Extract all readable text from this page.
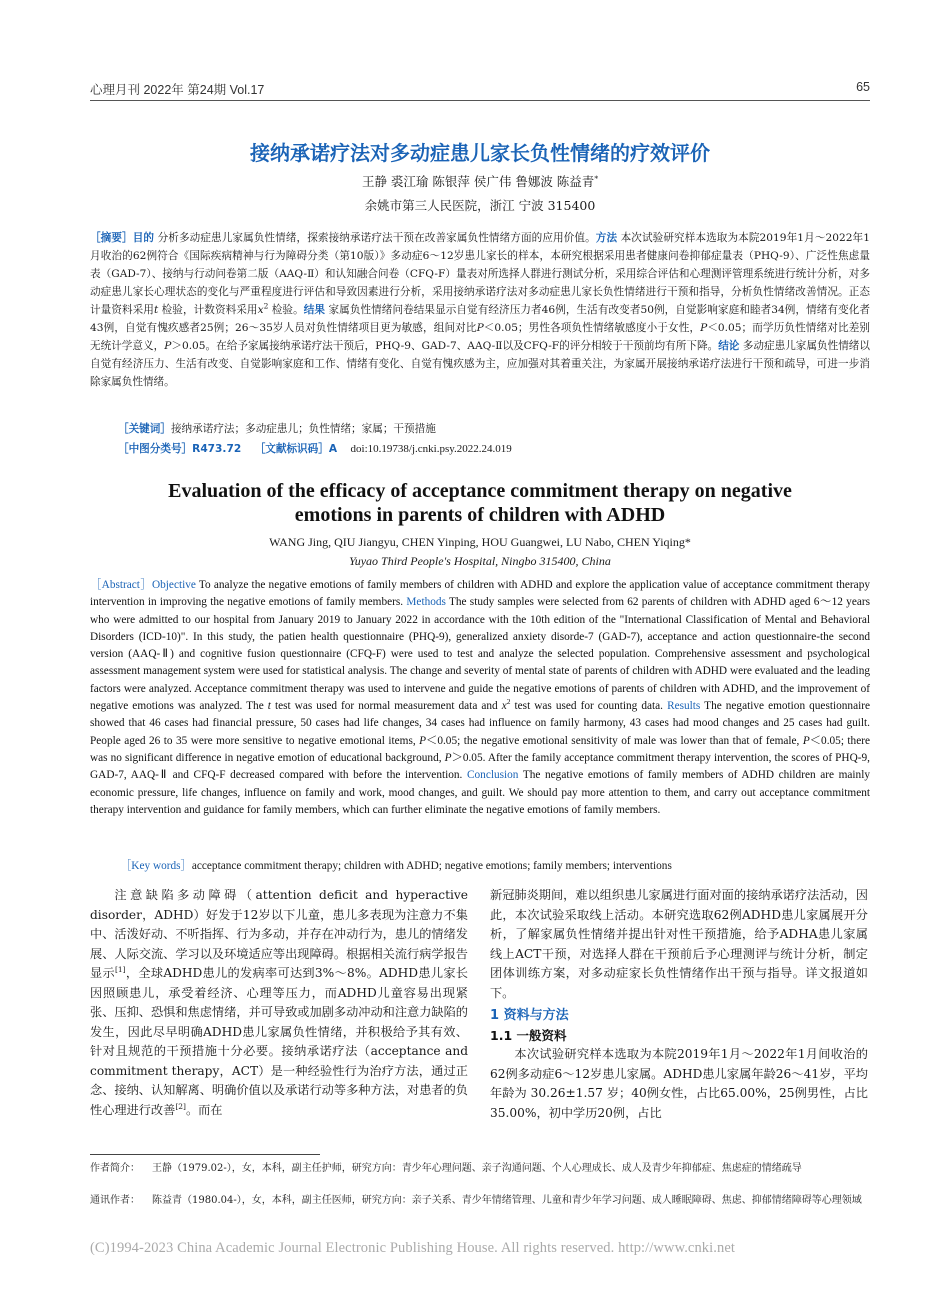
心理月刊 2022年 第24期 Vol.17	65
接纳承诺疗法对多动症患儿家长负性情绪的疗效评价
王静 裘江瑜 陈银萍 侯广伟 鲁娜波 陈益青*
余姚市第三人民医院，浙江 宁波 315400
［摘要］目的 分析多动症患儿家属负性情绪，探索接纳承诺疗法干预在改善家属负性情绪方面的应用价值。方法 本次试验研究样本选取为本院2019年1月～2022年1月收治的62例符合《国际疾病精神与行为障碍分类（第10版）》多动症6～12岁患儿家长的样本，本研究根据采用患者健康问卷抑郁症量表（PHQ-9）、广泛性焦虑量表（GAD-7）、接纳与行动问卷第二版（AAQ-Ⅱ）和认知融合问卷（CFQ-F）量表对所选择人群进行测试分析，采用综合评估和心理测评管理系统进行统计分析，对多动症患儿家长心理状态的变化与严重程度进行评估和导致因素进行分析，采用接纳承诺疗法对多动症患儿家长负性情绪进行干预和指导，分析负性情绪改善情况。正态计量资料采用t 检验，计数资料采用$x^2$ 检验。结果 家属负性情绪问卷结果显示自觉有经济压力者46例，生活有改变者50例，自觉影响家庭和睦者34例，情绪有变化者43例，自觉有愧疚感者25例；26～35岁人员对负性情绪项目更为敏感，组间对比P＜0.05；男性各项负性情绪敏感度小于女性，P＜0.05；而学历负性情绪对比差别无统计学意义，P＞0.05。在给予家属接纳承诺疗法干预后，PHQ-9、GAD-7、AAQ-Ⅱ以及CFQ-F的评分相较于干预前均有所下降。结论 多动症患儿家属负性情绪以自觉有经济压力、生活有改变、自觉影响家庭和工作、情绪有变化、自觉有愧疚感为主，应加强对其着重关注，为家属开展接纳承诺疗法进行干预和疏导，可进一步消除家属负性情绪。
［关键词］接纳承诺疗法；多动症患儿；负性情绪；家属；干预措施
［中图分类号］R473.72 ［文献标识码］A doi:10.19738/j.cnki.psy.2022.24.019
Evaluation of the efficacy of acceptance commitment therapy on negative
emotions in parents of children with ADHD
WANG Jing, QIU Jiangyu, CHEN Yinping, HOU Guangwei, LU Nabo, CHEN Yiqing*
Yuyao Third People's Hospital, Ningbo 315400, China
［Abstract］Objective To analyze the negative emotions of family members of children with ADHD and explore the application value of acceptance commitment therapy intervention in improving the negative emotions of family members. Methods The study samples were selected from 62 parents of children with ADHD aged 6～12 years who were admitted to our hospital from January 2019 to January 2022 in accordance with the 10th edition of the "International Classification of Mental and Behavioral Disorders (ICD-10)". In this study, the patien health questionnaire (PHQ-9), generalized anxiety disorde-7 (GAD-7), acceptance and action questionnaire-the second version (AAQ-Ⅱ) and cognitive fusion questionnaire (CFQ-F) were used to test and analyze the selected population. Comprehensive assessment and psychological assessment management system were used for statistical analysis. The change and severity of mental state of parents of children with ADHD were evaluated and the leading factors were analyzed. Acceptance commitment therapy was used to intervene and guide the negative emotions of parents of children with ADHD, and the improvement of negative emotions was analyzed. The t test was used for normal measurement data and $x^2$ test was used for counting data. Results The negative emotion questionnaire showed that 46 cases had financial pressure, 50 cases had life changes, 34 cases had influence on family harmony, 43 cases had mood changes and 25 cases had guilt. People aged 26 to 35 were more sensitive to negative emotional items, P＜0.05; the negative emotional sensitivity of male was lower than that of female, P＜0.05; there was no significant difference in negative emotion of educational background, P＞0.05. After the family acceptance commitment therapy intervention, the scores of PHQ-9, GAD-7, AAQ-Ⅱ and CFQ-F decreased compared with before the intervention. Conclusion The negative emotions of family members of ADHD children are mainly economic pressure, life changes, influence on family and work, mood changes, and guilt. We should pay more attention to them, and carry out acceptance commitment therapy intervention and guidance for family members, which can further eliminate the negative emotions of family members.
［Key words］acceptance commitment therapy; children with ADHD; negative emotions; family members; interventions

注意缺陷多动障碍（attention deficit and hyperactive disorder，ADHD）好发于12岁以下儿童，患儿多表现为注意力不集中、活泼好动、不听指挥、行为多动，并存在冲动行为，患儿的情绪发展、人际交流、学习以及环境适应等出现障碍。根据相关流行病学报告显示[1]，全球ADHD患儿的发病率可达到3%～8%。ADHD患儿家长因照顾患儿，承受着经济、心理等压力，而ADHD儿童容易出现紧张、压抑、恐惧和焦虑情绪，并可导致或加剧多动冲动和注意力缺陷的发生，因此尽早明确ADHD患儿家属负性情绪，并积极给予其有效、针对且规范的干预措施十分必要。接纳承诺疗法（acceptance and commitment therapy，ACT）是一种经验性行为治疗方法，通过正念、接纳、认知解离、明确价值以及承诺行动等多种方法，对患者的负性心理进行改善[2]。而在

新冠肺炎期间，难以组织患儿家属进行面对面的接纳承诺疗法活动，因此，本次试验采取线上活动。本研究选取62例ADHD患儿家属展开分析，了解家属负性情绪并提出针对性干预措施，给予ADHA患儿家属线上ACT干预，对选择人群在干预前后予心理测评与统计分析，制定团体训练方案，对多动症家长负性情绪作出干预与指导。详文报道如下。

1 资料与方法

1.1 一般资料

本次试验研究样本选取为本院2019年1月～2022年1月间收治的62例多动症6～12岁患儿家属。ADHD患儿家属年龄26～41岁，平均年龄为 30.26±1.57 岁；40例女性，占比65.00%，25例男性，占比35.00%，初中学历20例，占比

作者简介： 王静（1979.02-），女，本科，副主任护师，研究方向：青少年心理问题、亲子沟通问题、个人心理成长、成人及青少年抑郁症、焦虑症的情绪疏导
通讯作者： 陈益青（1980.04-），女，本科，副主任医师，研究方向：亲子关系、青少年情绪管理、儿童和青少年学习问题、成人睡眠障碍、焦虑、抑郁情绪障碍等心理领域
(C)1994-2023 China Academic Journal Electronic Publishing House. All rights reserved. http://www.cnki.net
